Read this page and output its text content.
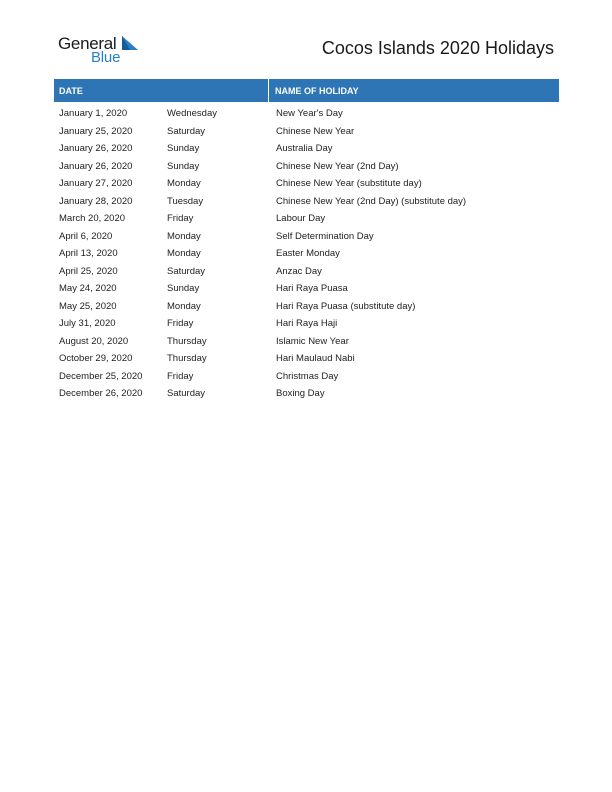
General
Blue	Cocos Islands 2020 Holidays
DATE	NAME OF HOLIDAY
January 1, 2020	Wednesday	New Year's Day
January 25, 2020	Saturday	Chinese New Year
January 26, 2020	Sunday	Australia Day
January 26, 2020	Sunday	Chinese New Year (2nd Day)
January 27, 2020	Monday	Chinese New Year (substitute day)
January 28, 2020	Tuesday	Chinese New Year (2nd Day) (substitute day)
March 20, 2020	Friday	Labour Day
April 6, 2020	Monday	Self Determination Day
April 13, 2020	Monday	Easter Monday
April 25, 2020	Saturday	Anzac Day
May 24, 2020	Sunday	Hari Raya Puasa
May 25, 2020	Monday	Hari Raya Puasa (substitute day)
July 31, 2020	Friday	Hari Raya Haji
August 20, 2020	Thursday	Islamic New Year
October 29, 2020	Thursday	Hari Maulaud Nabi
December 25, 2020	Friday	Christmas Day
December 26, 2020	Saturday	Boxing Day
